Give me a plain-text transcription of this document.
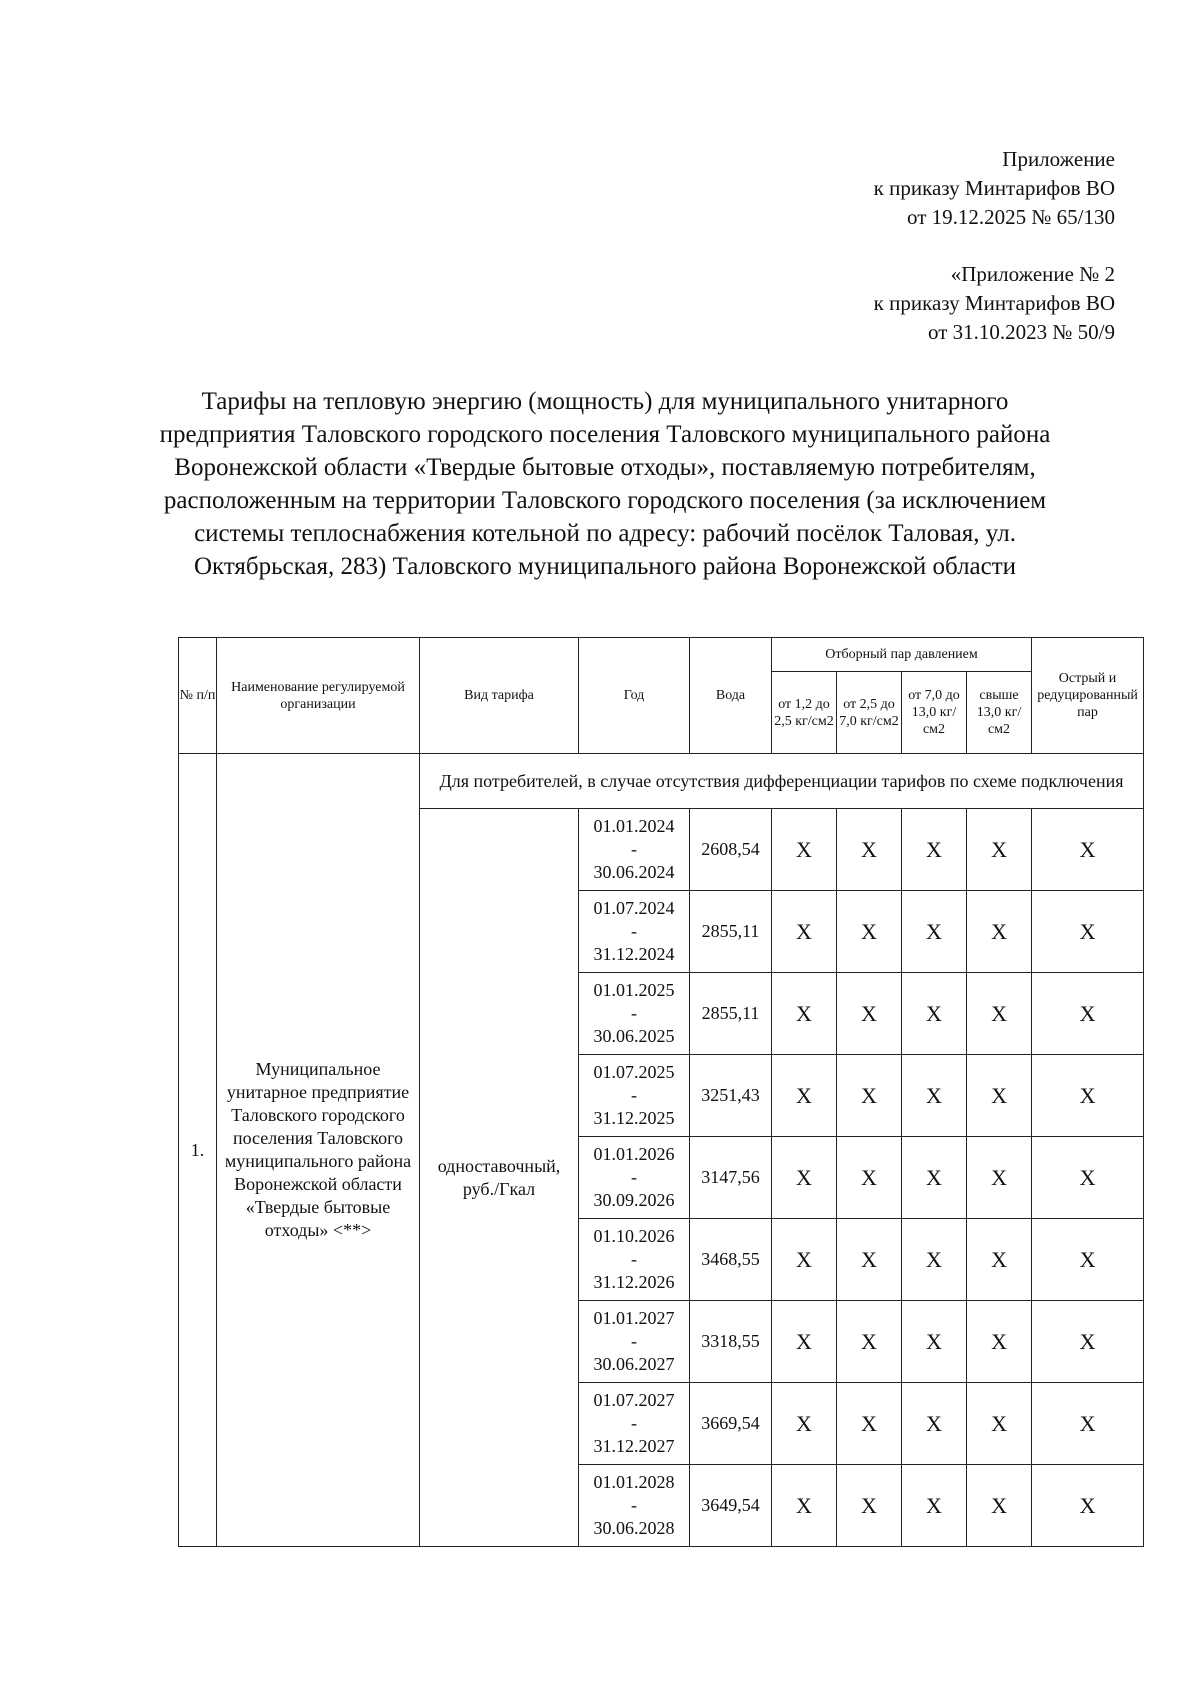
Приложение
к приказу Минтарифов ВО
от 19.12.2025 № 65/130
«Приложение № 2
к приказу Минтарифов ВО
от 31.10.2023 № 50/9
Тарифы на тепловую энергию (мощность) для муниципального унитарного предприятия Таловского городского поселения Таловского муниципального района Воронежской области «Твердые бытовые отходы», поставляемую потребителям, расположенным на территории Таловского городского поселения (за исключением системы теплоснабжения котельной по адресу: рабочий посёлок Таловая, ул. Октябрьская, 283) Таловского муниципального района Воронежской области
№ п/п	Наименование регулируемой организации	Вид тарифа	Год	Вода	Отборный пар давлением				Острый и редуцированный пар
					от 1,2 до 2,5 кг/см2	от 2,5 до 7,0 кг/см2	от 7,0 до 13,0 кг/см2	свыше 13,0 кг/см2	
1.	Муниципальное унитарное предприятие Таловского городского поселения Таловского муниципального района Воронежской области «Твердые бытовые отходы» <**>	Для потребителей, в случае отсутствия дифференциации тарифов по схеме подключения							
		одноставочный, руб./Гкал	01.01.2024
-
30.06.2024	2608,54	X	X	X	X	X

			01.07.2024
-
31.12.2024	2855,11	X	X	X	X	X

			01.01.2025
-
30.06.2025	2855,11	X	X	X	X	X

			01.07.2025
-
31.12.2025	3251,43	X	X	X	X	X

			01.01.2026
-
30.09.2026	3147,56	X	X	X	X	X

			01.10.2026
-
31.12.2026	3468,55	X	X	X	X	X

			01.01.2027
-
30.06.2027	3318,55	X	X	X	X	X

			01.07.2027
-
31.12.2027	3669,54	X	X	X	X	X

			01.01.2028
-
30.06.2028	3649,54	X	X	X	X	X
